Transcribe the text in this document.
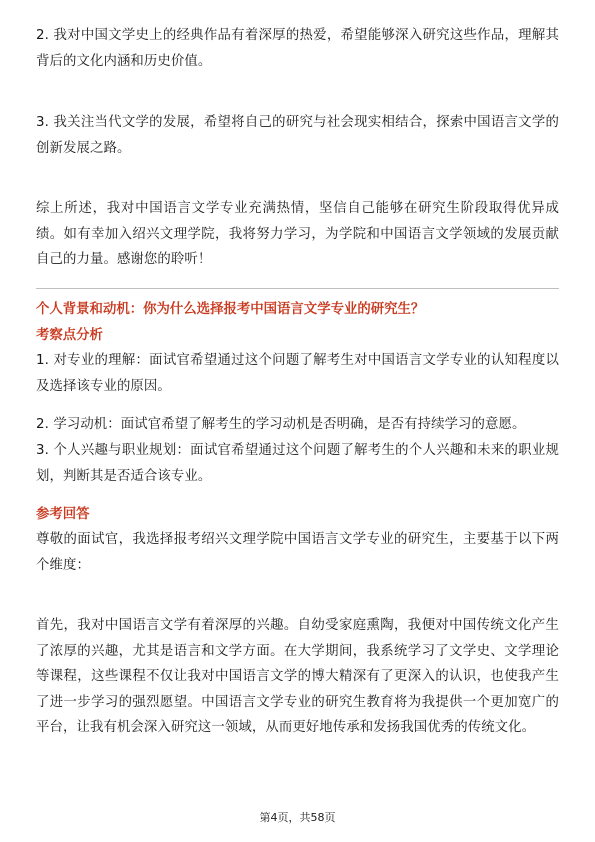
2. 我对中国文学史上的经典作品有着深厚的热爱，希望能够深入研究这些作品，理解其背后的文化内涵和历史价值。

3. 我关注当代文学的发展，希望将自己的研究与社会现实相结合，探索中国语言文学的创新发展之路。

综上所述，我对中国语言文学专业充满热情，坚信自己能够在研究生阶段取得优异成绩。如有幸加入绍兴文理学院，我将努力学习，为学院和中国语言文学领域的发展贡献自己的力量。感谢您的聆听！

个人背景和动机：你为什么选择报考中国语言文学专业的研究生？
考察点分析

1. 对专业的理解：面试官希望通过这个问题了解考生对中国语言文学专业的认知程度以及选择该专业的原因。

2. 学习动机：面试官希望了解考生的学习动机是否明确，是否有持续学习的意愿。

3. 个人兴趣与职业规划：面试官希望通过这个问题了解考生的个人兴趣和未来的职业规划，判断其是否适合该专业。

参考回答

尊敬的面试官，我选择报考绍兴文理学院中国语言文学专业的研究生，主要基于以下两个维度：

首先，我对中国语言文学有着深厚的兴趣。自幼受家庭熏陶，我便对中国传统文化产生了浓厚的兴趣，尤其是语言和文学方面。在大学期间，我系统学习了文学史、文学理论等课程，这些课程不仅让我对中国语言文学的博大精深有了更深入的认识，也使我产生了进一步学习的强烈愿望。中国语言文学专业的研究生教育将为我提供一个更加宽广的平台，让我有机会深入研究这一领域，从而更好地传承和发扬我国优秀的传统文化。

第4页，共58页
